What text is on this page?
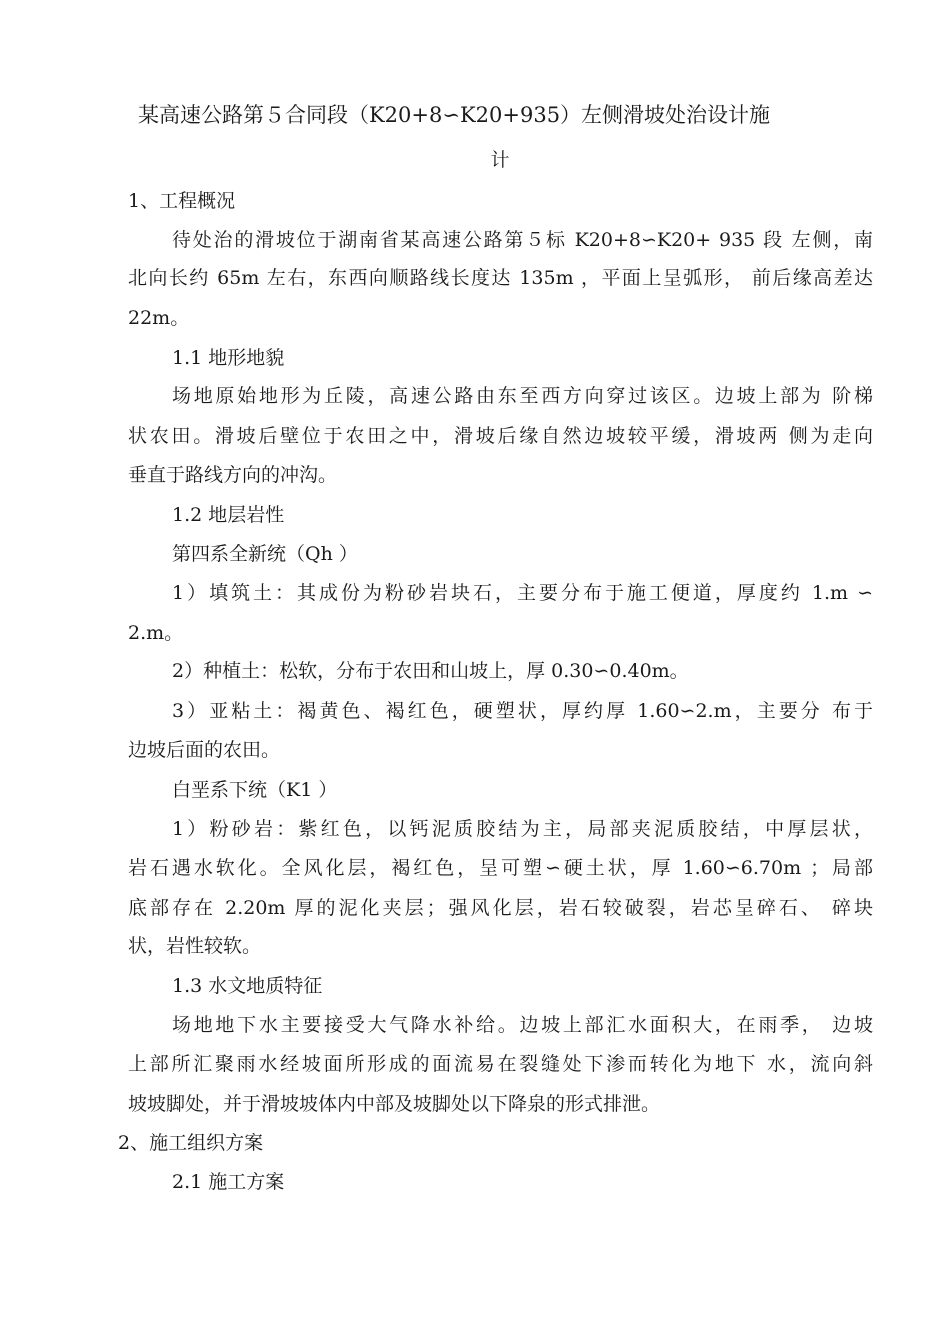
某高速公路第５合同段（K20+8∽K20+935）左侧滑坡处治设计施
计
1、工程概况
待处治的滑坡位于湖南省某高速公路第５标 K20+8∽K20+ 935 段 左侧，南
北向长约 65m 左右，东西向顺路线长度达 135m ，平面上呈弧形， 前后缘高差达
22m。
1.1 地形地貌
场地原始地形为丘陵，高速公路由东至西方向穿过该区。边坡上部为 阶梯
状农田。滑坡后壁位于农田之中，滑坡后缘自然边坡较平缓，滑坡两 侧为走向
垂直于路线方向的冲沟。
1.2 地层岩性
第四系全新统（Qh ）
1）填筑土：其成份为粉砂岩块石，主要分布于施工便道，厚度约 1.m ∽
2.m。
2）种植土：松软，分布于农田和山坡上，厚 0.30∽0.40m。
3）亚粘土：褐黄色、褐红色，硬塑状，厚约厚 1.60∽2.m，主要分 布于
边坡后面的农田。
白垩系下统（K1 ）
1）粉砂岩：紫红色，以钙泥质胶结为主，局部夹泥质胶结，中厚层状，
岩石遇水软化。全风化层，褐红色，呈可塑∽硬土状，厚 1.60∽6.70m ；局部
底部存在 2.20m 厚的泥化夹层；强风化层，岩石较破裂，岩芯呈碎石、 碎块
状，岩性较软。
1.3 水文地质特征
场地地下水主要接受大气降水补给。边坡上部汇水面积大，在雨季， 边坡
上部所汇聚雨水经坡面所形成的面流易在裂缝处下渗而转化为地下 水，流向斜
坡坡脚处，并于滑坡坡体内中部及坡脚处以下降泉的形式排泄。
2、施工组织方案
2.1 施工方案
